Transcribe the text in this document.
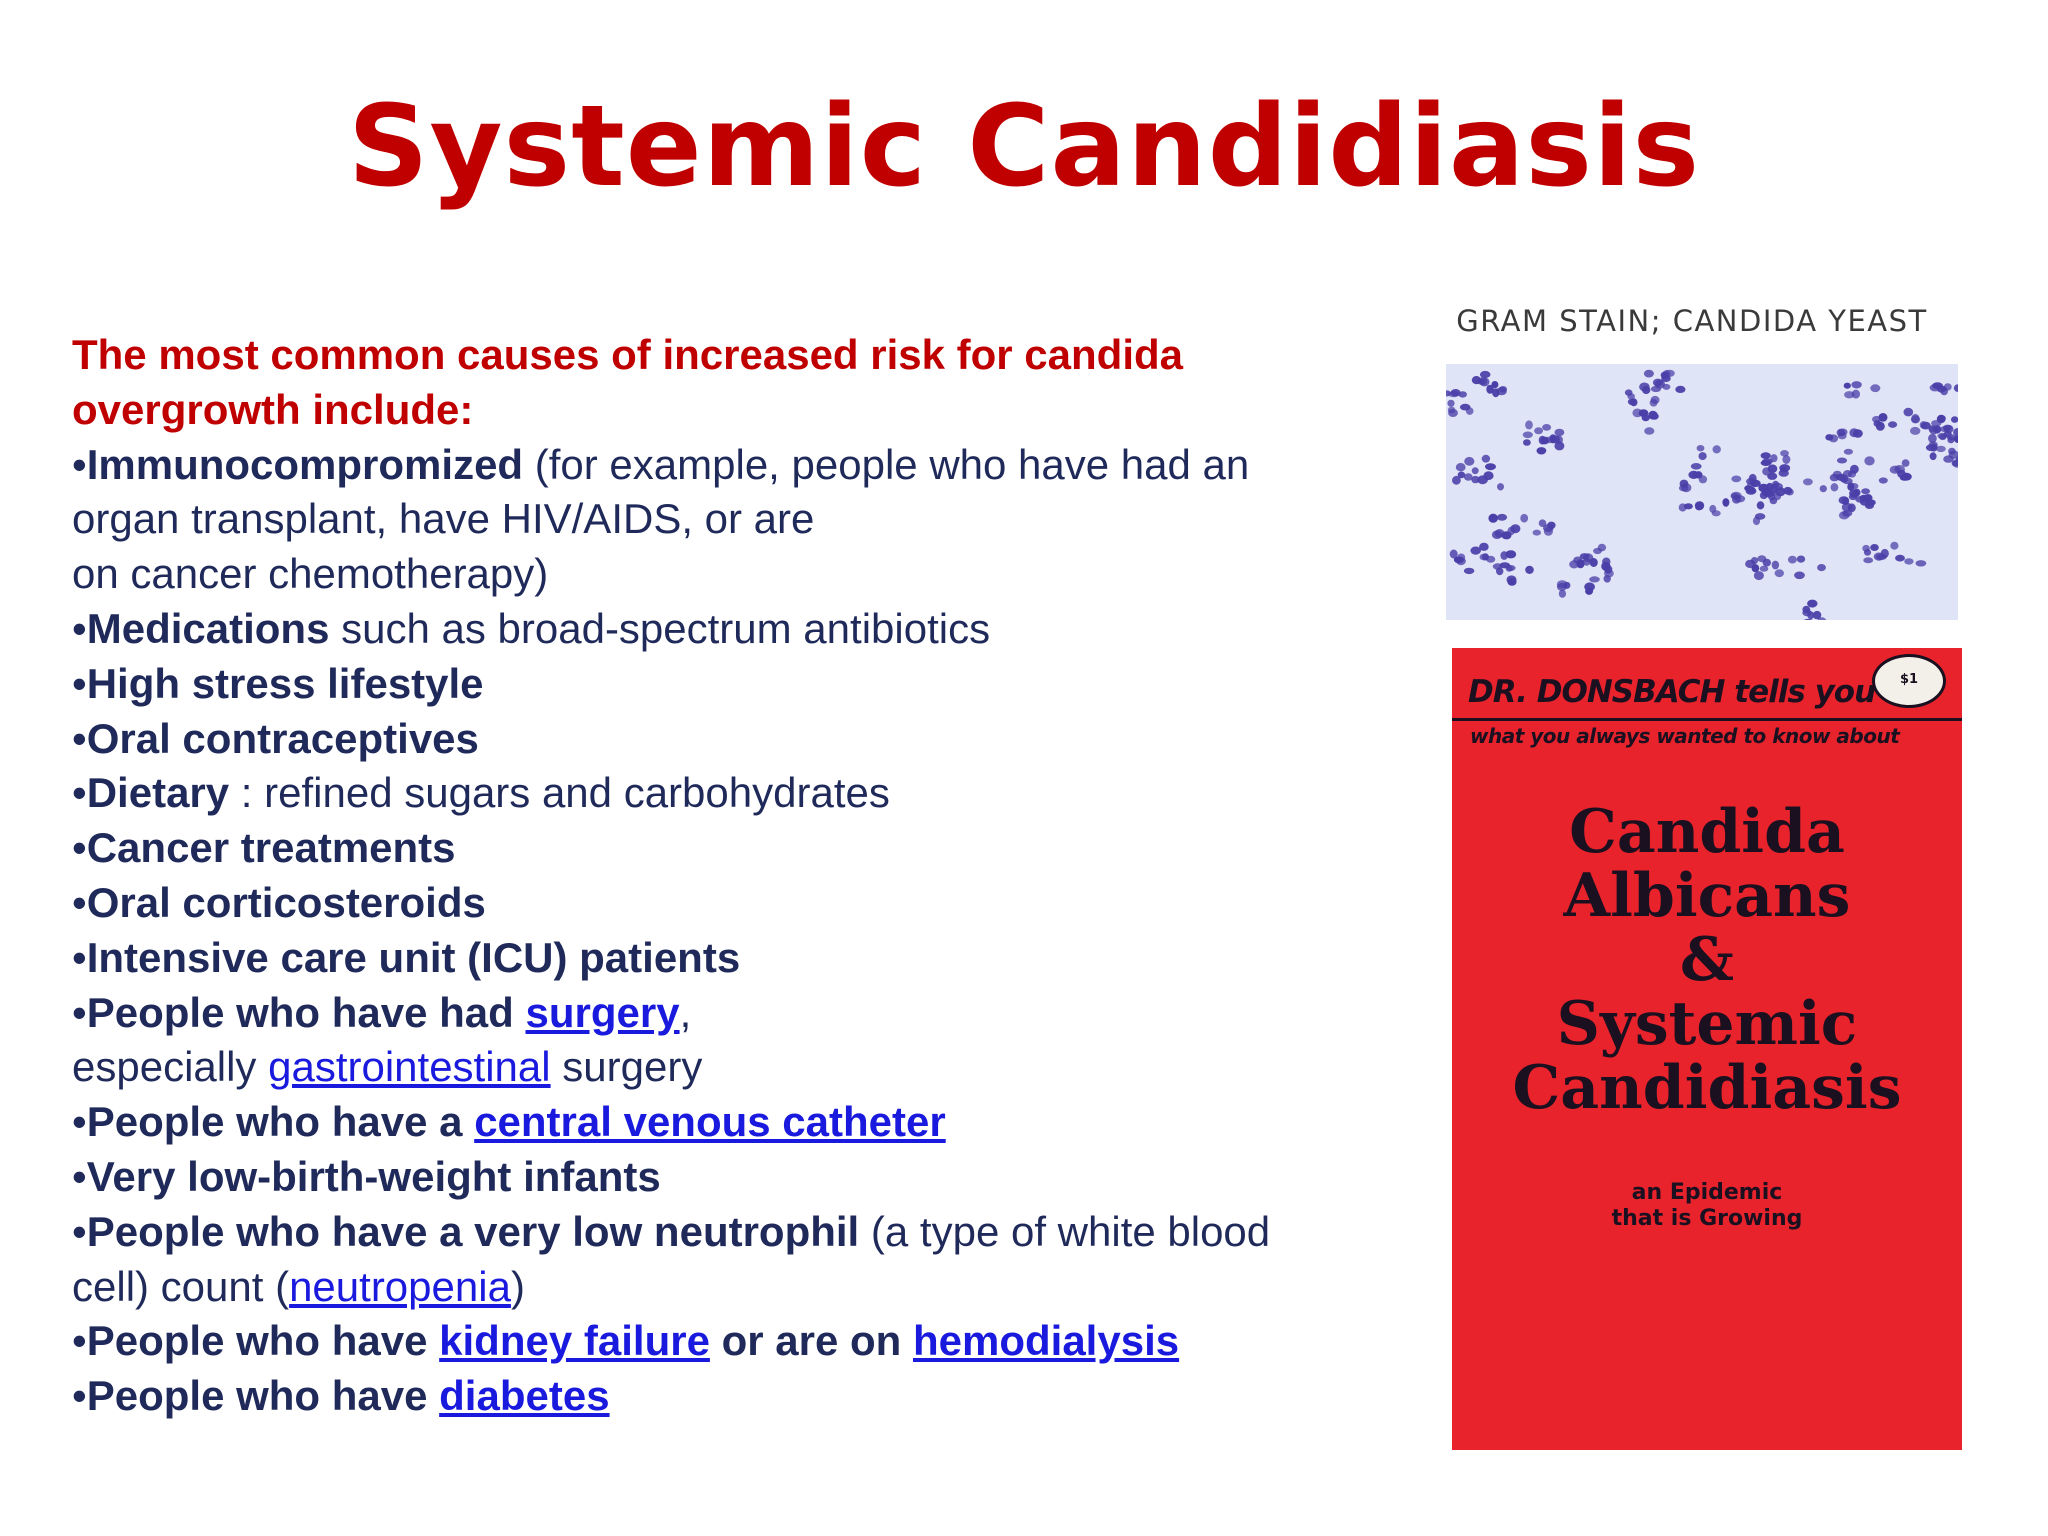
Systemic Candidiasis
The most common causes of increased risk for candida
overgrowth include:
•Immunocompromized (for example, people who have had an
organ transplant, have HIV/AIDS, or are
on cancer chemotherapy)
•Medications such as broad-spectrum antibiotics
•High stress lifestyle
•Oral contraceptives
•Dietary : refined sugars and carbohydrates
•Cancer treatments
•Oral corticosteroids
•Intensive care unit (ICU) patients
•People who have had surgery,
especially gastrointestinal surgery
•People who have a central venous catheter
•Very low-birth-weight infants
•People who have a very low neutrophil (a type of white blood
cell) count (neutropenia)
•People who have kidney failure or are on hemodialysis
•People who have diabetes
GRAM STAIN; CANDIDA YEAST
$1
DR. DONSBACH tells you
what you always wanted to know about
Candida
Albicans
&
Systemic
Candidiasis
an Epidemic
that is Growing
